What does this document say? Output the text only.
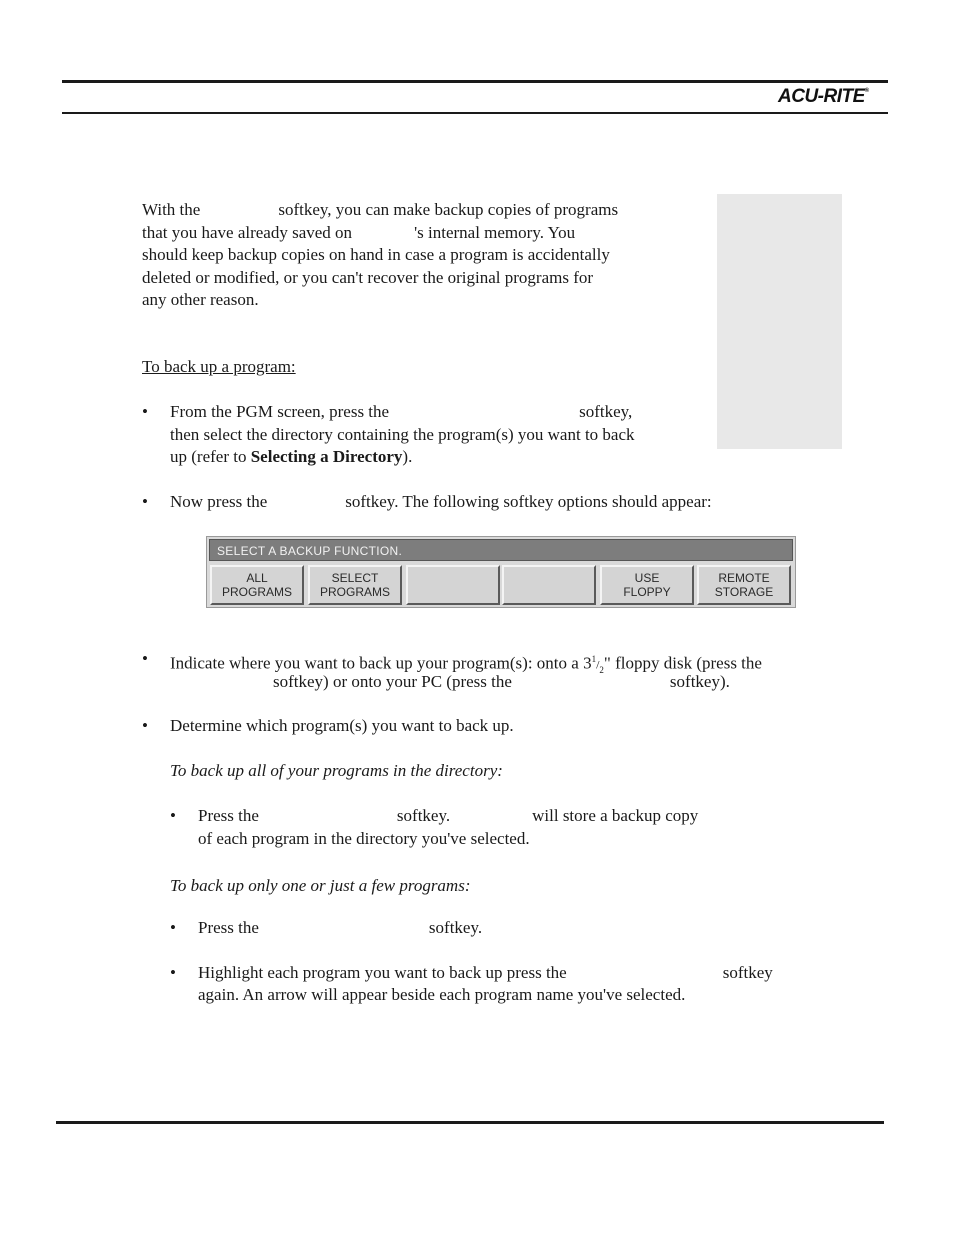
ACU-RITE®
With the	softkey, you can make backup copies of programs
that you have already saved on	's internal memory. You
should keep backup copies on hand in case a program is accidentally
deleted or modified, or you can't recover the original programs for
any other reason.
To back up a program:
• From the PGM screen, press the	softkey,
then select the directory containing the program(s) you want to back
up (refer to Selecting a Directory).
• Now press the	softkey. The following softkey options should appear:
SELECT A BACKUP FUNCTION.
ALL
PROGRAMS
SELECT
PROGRAMS
USE
FLOPPY
REMOTE
STORAGE
• Indicate where you want to back up your program(s): onto a $3^1/_2$" floppy disk (press the
softkey) or onto your PC (press the	softkey).
• Determine which program(s) you want to back up.
To back up all of your programs in the directory:
• Press the	softkey.	will store a backup copy
of each program in the directory you've selected.
To back up only one or just a few programs:
• Press the	softkey.
• Highlight each program you want to back up press the	softkey
again. An arrow will appear beside each program name you've selected.
